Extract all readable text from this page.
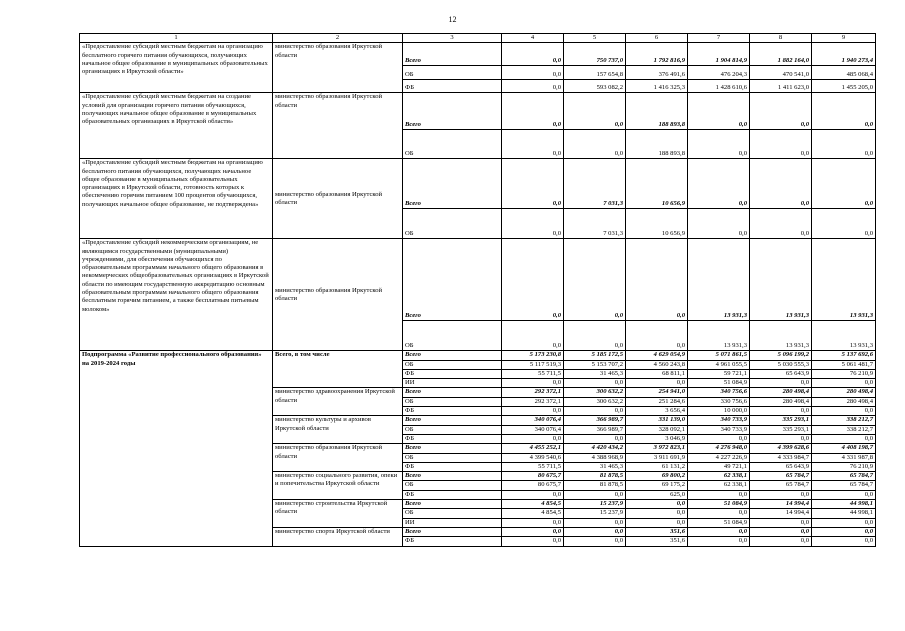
12
1	2	3	4	5	6	7	8	9
«Предоставление субсидий местным бюджетам на организацию бесплатного горячего питания обучающихся, получающих начальное общее образование в муниципальных образовательных организациях в Иркутской области»	министерство образования Иркутской области	Всего	0,0	750 737,0	1 792 816,9	1 904 814,9	1 882 164,0	1 940 273,4
		ОБ	0,0	157 654,8	376 491,6	476 204,3	470 541,0	485 068,4
		ФБ	0,0	593 082,2	1 416 325,3	1 428 610,6	1 411 623,0	1 455 205,0
«Предоставление субсидий местным бюджетам на создание условий для организации горячего питания обучающихся, получающих начальное общее образование в муниципальных образовательных организациях в Иркутской области»	министерство образования Иркутской области	Всего	0,0	0,0	188 893,8	0,0	0,0	0,0
		ОБ	0,0	0,0	188 893,8	0,0	0,0	0,0
«Предоставление субсидий местным бюджетам на организацию бесплатного питания обучающихся, получающих начальное общее образование в муниципальных образовательных организациях в Иркутской области, готовность которых к обеспечению горячим питанием 100 процентов обучающихся, получающих начальное общее образование, не подтверждена»	министерство образования Иркутской области	Всего	0,0	7 031,3	10 656,9	0,0	0,0	0,0
		ОБ	0,0	7 031,3	10 656,9	0,0	0,0	0,0
«Предоставление субсидий некоммерческим организациям, не являющимся государственными (муниципальными) учреждениями, для обеспечения обучающихся по образовательным программам начального общего образования в некоммерческих общеобразовательных организациях в Иркутской области по имеющим государственную аккредитацию основным образовательным программам начального общего образования бесплатным горячим питанием, а также бесплатным питьевым молоком»	министерство образования Иркутской области	Всего	0,0	0,0	0,0	13 931,3	13 931,3	13 931,3
		ОБ	0,0	0,0	0,0	13 931,3	13 931,3	13 931,3
Подпрограмма «Развитие профессионального образования» на 2019-2024 годы	Всего, в том числе	Всего	5 173 230,8	5 185 172,5	4 629 054,9	5 071 861,5	5 096 199,2	5 137 692,6
		ОБ	5 117 519,3	5 153 707,2	4 560 243,8	4 961 055,5	5 030 555,3	5 061 481,7
		ФБ	55 711,5	31 465,3	68 811,1	59 721,1	65 643,9	76 210,9
		ИИ	0,0	0,0	0,0	51 084,9	0,0	0,0
	министерство здравоохранения Иркутской области	Всего	292 372,1	300 632,2	254 941,0	340 756,6	280 498,4	280 498,4
		ОБ	292 372,1	300 632,2	251 284,6	330 756,6	280 498,4	280 498,4
		ФБ	0,0	0,0	3 656,4	10 000,0	0,0	0,0
	министерство культуры и архивов Иркутской области	Всего	340 076,4	366 989,7	331 139,0	340 733,9	335 293,1	338 212,7
		ОБ	340 076,4	366 989,7	328 092,1	340 733,9	335 293,1	338 212,7
		ФБ	0,0	0,0	3 046,9	0,0	0,0	0,0
	министерство образования Иркутской области	Всего	4 455 252,1	4 420 434,2	3 972 823,1	4 276 948,0	4 399 628,6	4 408 198,7
		ОБ	4 399 540,6	4 388 968,9	3 911 691,9	4 227 226,9	4 333 984,7	4 331 987,8
		ФБ	55 711,5	31 465,3	61 131,2	49 721,1	65 643,9	76 210,9
	министерство социального развития, опеки и попечительства Иркутской области	Всего	80 675,7	81 878,5	69 800,2	62 338,1	65 784,7	65 784,7
		ОБ	80 675,7	81 878,5	69 175,2	62 338,1	65 784,7	65 784,7
		ФБ	0,0	0,0	625,0	0,0	0,0	0,0
	министерство строительства Иркутской области	Всего	4 854,5	15 237,9	0,0	51 084,9	14 994,4	44 998,1
		ОБ	4 854,5	15 237,9	0,0	0,0	14 994,4	44 998,1
		ИИ	0,0	0,0	0,0	51 084,9	0,0	0,0
	министерство спорта Иркутской области	Всего	0,0	0,0	351,6	0,0	0,0	0,0
		ФБ	0,0	0,0	351,6	0,0	0,0	0,0
